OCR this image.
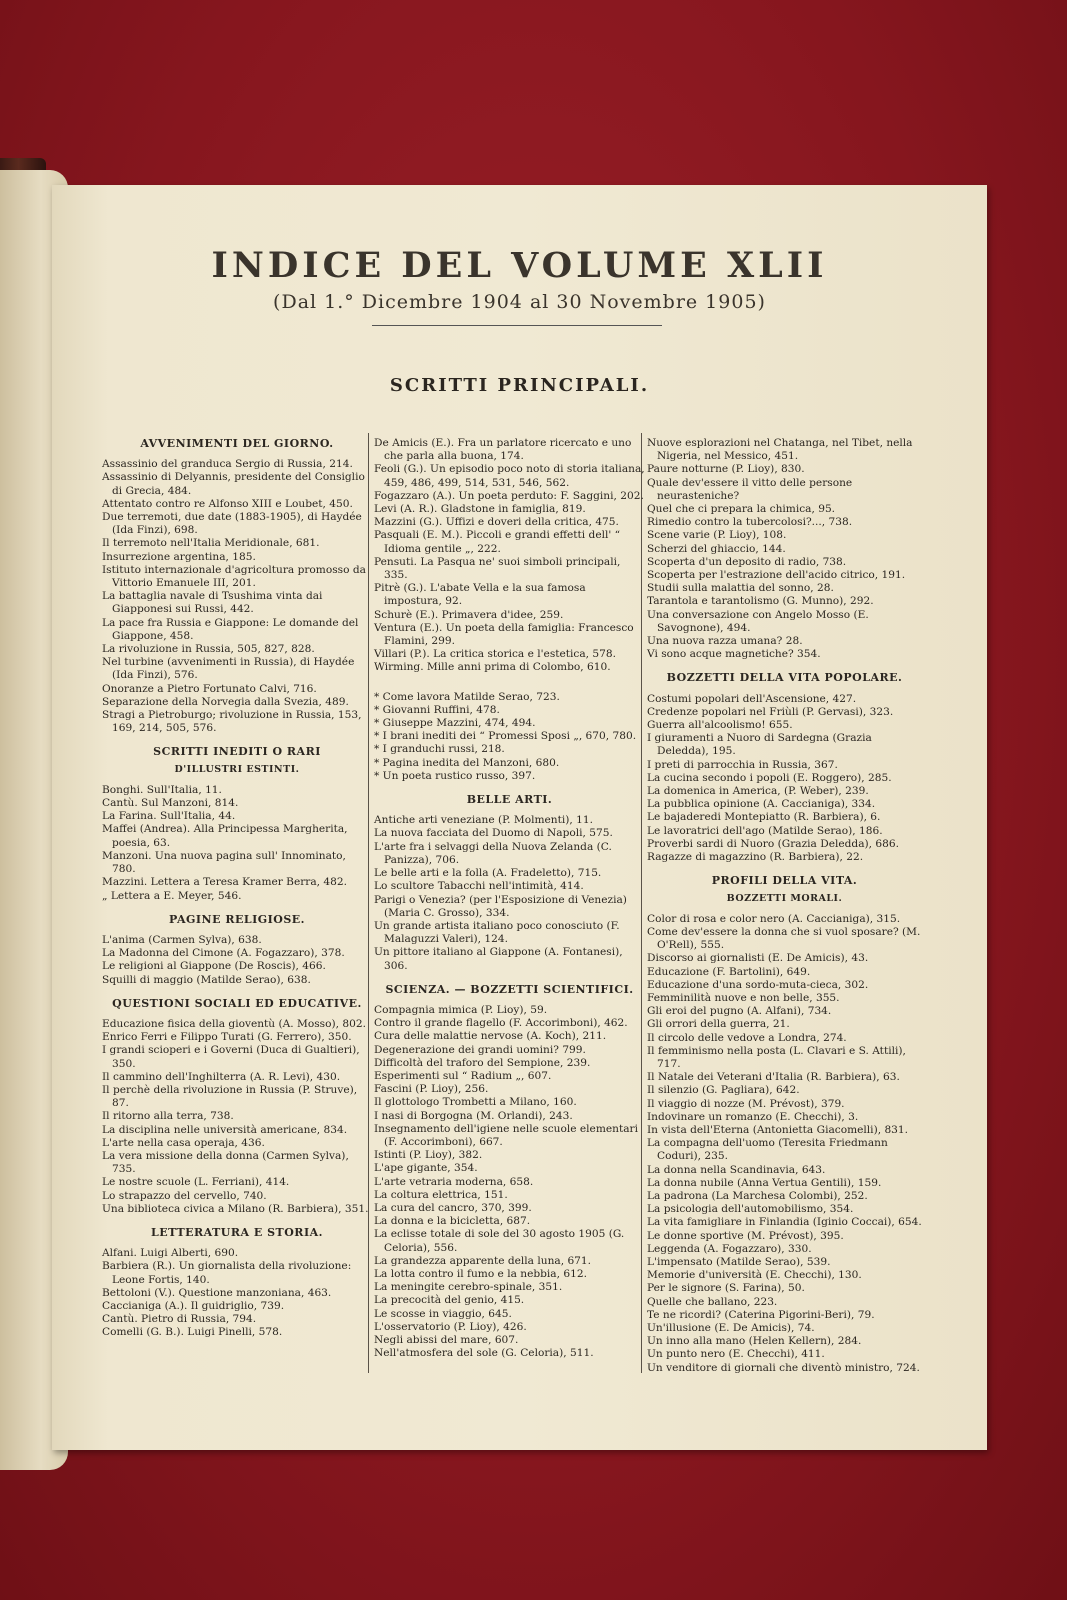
INDICE DEL VOLUME XLII
(Dal 1.° Dicembre 1904 al 30 Novembre 1905)
SCRITTI PRINCIPALI.
AVVENIMENTI DEL GIORNO.
Assassinio del granduca Sergio di Russia, 214.
Assassinio di Delyannis, presidente del Consiglio di Grecia, 484.
Attentato contro re Alfonso XIII e Loubet, 450.
Due terremoti, due date (1883-1905), di Haydée (Ida Finzi), 698.
Il terremoto nell'Italia Meridionale, 681.
Insurrezione argentina, 185.
Istituto internazionale d'agricoltura promosso da Vittorio Emanuele III, 201.
La battaglia navale di Tsushima vinta dai Giapponesi sui Russi, 442.
La pace fra Russia e Giappone: Le domande del Giappone, 458.
La rivoluzione in Russia, 505, 827, 828.
Nel turbine (avvenimenti in Russia), di Haydée (Ida Finzi), 576.
Onoranze a Pietro Fortunato Calvi, 716.
Separazione della Norvegia dalla Svezia, 489.
Stragi a Pietroburgo; rivoluzione in Russia, 153, 169, 214, 505, 576.
SCRITTI INEDITI O RARI
D'ILLUSTRI ESTINTI.
Bonghi. Sull'Italia, 11.
Cantù. Sul Manzoni, 814.
La Farina. Sull'Italia, 44.
Maffei (Andrea). Alla Principessa Margherita, poesia, 63.
Manzoni. Una nuova pagina sull' Innominato, 780.
Mazzini. Lettera a Teresa Kramer Berra, 482.
„ Lettera a E. Meyer, 546.
PAGINE RELIGIOSE.
L'anima (Carmen Sylva), 638.
La Madonna del Cimone (A. Fogazzaro), 378.
Le religioni al Giappone (De Roscis), 466.
Squilli di maggio (Matilde Serao), 638.
QUESTIONI SOCIALI ED EDUCATIVE.
Educazione fisica della gioventù (A. Mosso), 802.
Enrico Ferri e Filippo Turati (G. Ferrero), 350.
I grandi scioperi e i Governi (Duca di Gualtieri), 350.
Il cammino dell'Inghilterra (A. R. Levi), 430.
Il perchè della rivoluzione in Russia (P. Struve), 87.
Il ritorno alla terra, 738.
La disciplina nelle università americane, 834.
L'arte nella casa operaja, 436.
La vera missione della donna (Carmen Sylva), 735.
Le nostre scuole (L. Ferriani), 414.
Lo strapazzo del cervello, 740.
Una biblioteca civica a Milano (R. Barbiera), 351.
LETTERATURA E STORIA.
Alfani. Luigi Alberti, 690.
Barbiera (R.). Un giornalista della rivoluzione: Leone Fortis, 140.
Bettoloni (V.). Questione manzoniana, 463.
Caccianiga (A.). Il guidriglio, 739.
Cantù. Pietro di Russia, 794.
Comelli (G. B.). Luigi Pinelli, 578.
De Amicis (E.). Fra un parlatore ricercato e uno che parla alla buona, 174.
Feoli (G.). Un episodio poco noto di storia italiana, 459, 486, 499, 514, 531, 546, 562.
Fogazzaro (A.). Un poeta perduto: F. Saggini, 202.
Levi (A. R.). Gladstone in famiglia, 819.
Mazzini (G.). Uffizi e doveri della critica, 475.
Pasquali (E. M.). Piccoli e grandi effetti dell' “ Idioma gentile „, 222.
Pensuti. La Pasqua ne' suoi simboli principali, 335.
Pitrè (G.). L'abate Vella e la sua famosa impostura, 92.
Schurè (E.). Primavera d'idee, 259.
Ventura (E.). Un poeta della famiglia: Francesco Flamini, 299.
Villari (P.). La critica storica e l'estetica, 578.
Wirming. Mille anni prima di Colombo, 610.
* Come lavora Matilde Serao, 723.
* Giovanni Ruffini, 478.
* Giuseppe Mazzini, 474, 494.
* I brani inediti dei “ Promessi Sposi „, 670, 780.
* I granduchi russi, 218.
* Pagina inedita del Manzoni, 680.
* Un poeta rustico russo, 397.
BELLE ARTI.
Antiche arti veneziane (P. Molmenti), 11.
La nuova facciata del Duomo di Napoli, 575.
L'arte fra i selvaggi della Nuova Zelanda (C. Panizza), 706.
Le belle arti e la folla (A. Fradeletto), 715.
Lo scultore Tabacchi nell'intimità, 414.
Parigi o Venezia? (per l'Esposizione di Venezia) (Maria C. Grosso), 334.
Un grande artista italiano poco conosciuto (F. Malaguzzi Valeri), 124.
Un pittore italiano al Giappone (A. Fontanesi), 306.
SCIENZA. — BOZZETTI SCIENTIFICI.
Compagnia mimica (P. Lioy), 59.
Contro il grande flagello (F. Accorimboni), 462.
Cura delle malattie nervose (A. Koch), 211.
Degenerazione dei grandi uomini? 799.
Difficoltà del traforo del Sempione, 239.
Esperimenti sul “ Radium „, 607.
Fascini (P. Lioy), 256.
Il glottologo Trombetti a Milano, 160.
I nasi di Borgogna (M. Orlandi), 243.
Insegnamento dell'igiene nelle scuole elementari (F. Accorimboni), 667.
Istinti (P. Lioy), 382.
L'ape gigante, 354.
L'arte vetraria moderna, 658.
La coltura elettrica, 151.
La cura del cancro, 370, 399.
La donna e la bicicletta, 687.
La eclisse totale di sole del 30 agosto 1905 (G. Celoria), 556.
La grandezza apparente della luna, 671.
La lotta contro il fumo e la nebbia, 612.
La meningite cerebro-spinale, 351.
La precocità del genio, 415.
Le scosse in viaggio, 645.
L'osservatorio (P. Lioy), 426.
Negli abissi del mare, 607.
Nell'atmosfera del sole (G. Celoria), 511.
Nuove esplorazioni nel Chatanga, nel Tibet, nella Nigeria, nel Messico, 451.
Paure notturne (P. Lioy), 830.
Quale dev'essere il vitto delle persone neurasteniche?
Quel che ci prepara la chimica, 95.
Rimedio contro la tubercolosi?..., 738.
Scene varie (P. Lioy), 108.
Scherzi del ghiaccio, 144.
Scoperta d'un deposito di radio, 738.
Scoperta per l'estrazione dell'acido citrico, 191.
Studii sulla malattia del sonno, 28.
Tarantola e tarantolismo (G. Munno), 292.
Una conversazione con Angelo Mosso (E. Savognone), 494.
Una nuova razza umana? 28.
Vi sono acque magnetiche? 354.
BOZZETTI DELLA VITA POPOLARE.
Costumi popolari dell'Ascensione, 427.
Credenze popolari nel Friùli (P. Gervasi), 323.
Guerra all'alcoolismo! 655.
I giuramenti a Nuoro di Sardegna (Grazia Deledda), 195.
I preti di parrocchia in Russia, 367.
La cucina secondo i popoli (E. Roggero), 285.
La domenica in America, (P. Weber), 239.
La pubblica opinione (A. Caccianiga), 334.
Le bajaderedi Montepiatto (R. Barbiera), 6.
Le lavoratrici dell'ago (Matilde Serao), 186.
Proverbi sardi di Nuoro (Grazia Deledda), 686.
Ragazze di magazzino (R. Barbiera), 22.
PROFILI DELLA VITA.
BOZZETTI MORALI.
Color di rosa e color nero (A. Caccianiga), 315.
Come dev'essere la donna che si vuol sposare? (M. O'Rell), 555.
Discorso ai giornalisti (E. De Amicis), 43.
Educazione (F. Bartolini), 649.
Educazione d'una sordo-muta-cieca, 302.
Femminilità nuove e non belle, 355.
Gli eroi del pugno (A. Alfani), 734.
Gli orrori della guerra, 21.
Il circolo delle vedove a Londra, 274.
Il femminismo nella posta (L. Clavari e S. Attili), 717.
Il Natale dei Veterani d'Italia (R. Barbiera), 63.
Il silenzio (G. Pagliara), 642.
Il viaggio di nozze (M. Prévost), 379.
Indovinare un romanzo (E. Checchi), 3.
In vista dell'Eterna (Antonietta Giacomelli), 831.
La compagna dell'uomo (Teresita Friedmann Coduri), 235.
La donna nella Scandinavia, 643.
La donna nubile (Anna Vertua Gentili), 159.
La padrona (La Marchesa Colombi), 252.
La psicologia dell'automobilismo, 354.
La vita famigliare in Finlandia (Iginio Coccai), 654.
Le donne sportive (M. Prévost), 395.
Leggenda (A. Fogazzaro), 330.
L'impensato (Matilde Serao), 539.
Memorie d'università (E. Checchi), 130.
Per le signore (S. Farina), 50.
Quelle che ballano, 223.
Te ne ricordi? (Caterina Pigorini-Beri), 79.
Un'illusione (E. De Amicis), 74.
Un inno alla mano (Helen Kellern), 284.
Un punto nero (E. Checchi), 411.
Un venditore di giornali che diventò ministro, 724.
